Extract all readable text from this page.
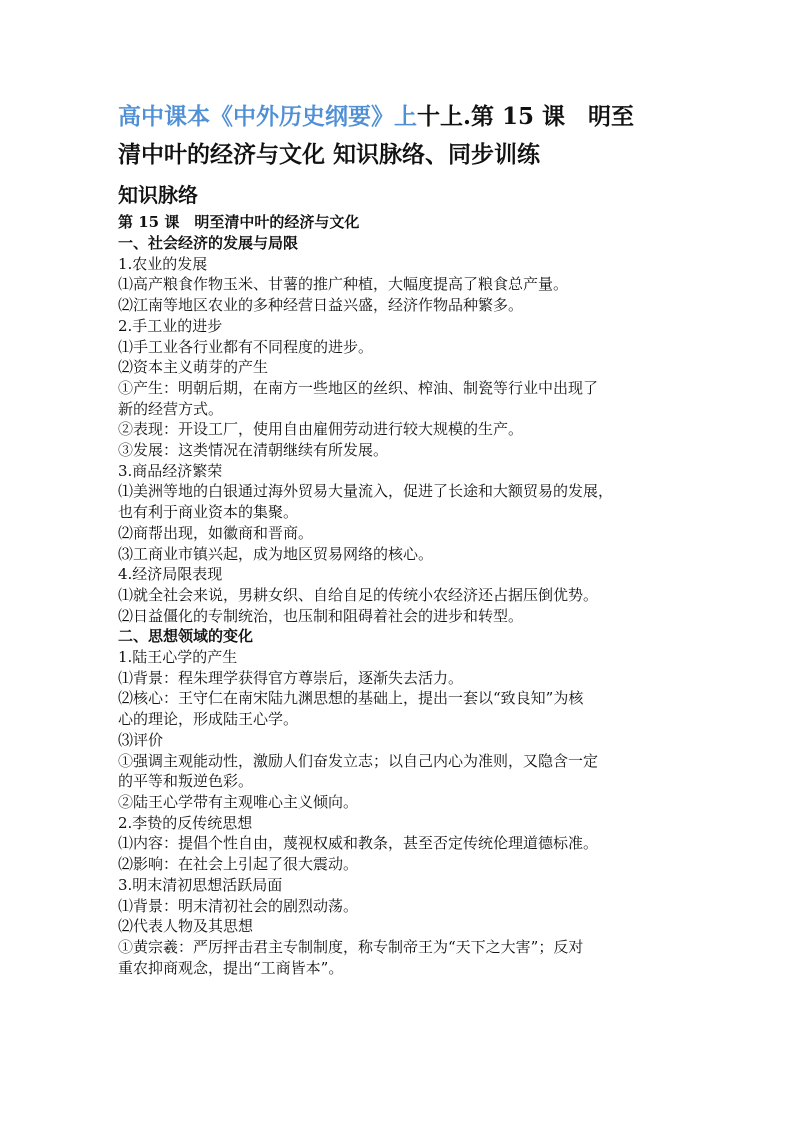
高中课本《中外历史纲要》上十上.第 15 课　明至

清中叶的经济与文化 知识脉络、同步训练

知识脉络

第 15 课　明至清中叶的经济与文化

一、社会经济的发展与局限

1.农业的发展

⑴高产粮食作物玉米、甘薯的推广种植，大幅度提高了粮食总产量。

⑵江南等地区农业的多种经营日益兴盛，经济作物品种繁多。

2.手工业的进步

⑴手工业各行业都有不同程度的进步。

⑵资本主义萌芽的产生

①产生：明朝后期，在南方一些地区的丝织、榨油、制瓷等行业中出现了

新的经营方式。

②表现：开设工厂，使用自由雇佣劳动进行较大规模的生产。

③发展：这类情况在清朝继续有所发展。

3.商品经济繁荣

⑴美洲等地的白银通过海外贸易大量流入，促进了长途和大额贸易的发展，

也有利于商业资本的集聚。

⑵商帮出现，如徽商和晋商。

⑶工商业市镇兴起，成为地区贸易网络的核心。

4.经济局限表现

⑴就全社会来说，男耕女织、自给自足的传统小农经济还占据压倒优势。

⑵日益僵化的专制统治，也压制和阻碍着社会的进步和转型。

二、思想领域的变化

1.陆王心学的产生

⑴背景：程朱理学获得官方尊崇后，逐渐失去活力。

⑵核心：王守仁在南宋陆九渊思想的基础上，提出一套以“致良知”为核

心的理论，形成陆王心学。

⑶评价

①强调主观能动性，激励人们奋发立志；以自己内心为准则，又隐含一定

的平等和叛逆色彩。

②陆王心学带有主观唯心主义倾向。

2.李贽的反传统思想

⑴内容：提倡个性自由，蔑视权威和教条，甚至否定传统伦理道德标准。

⑵影响：在社会上引起了很大震动。

3.明末清初思想活跃局面

⑴背景：明末清初社会的剧烈动荡。

⑵代表人物及其思想

①黄宗羲：严厉抨击君主专制制度，称专制帝王为“天下之大害”；反对

重农抑商观念，提出“工商皆本”。
